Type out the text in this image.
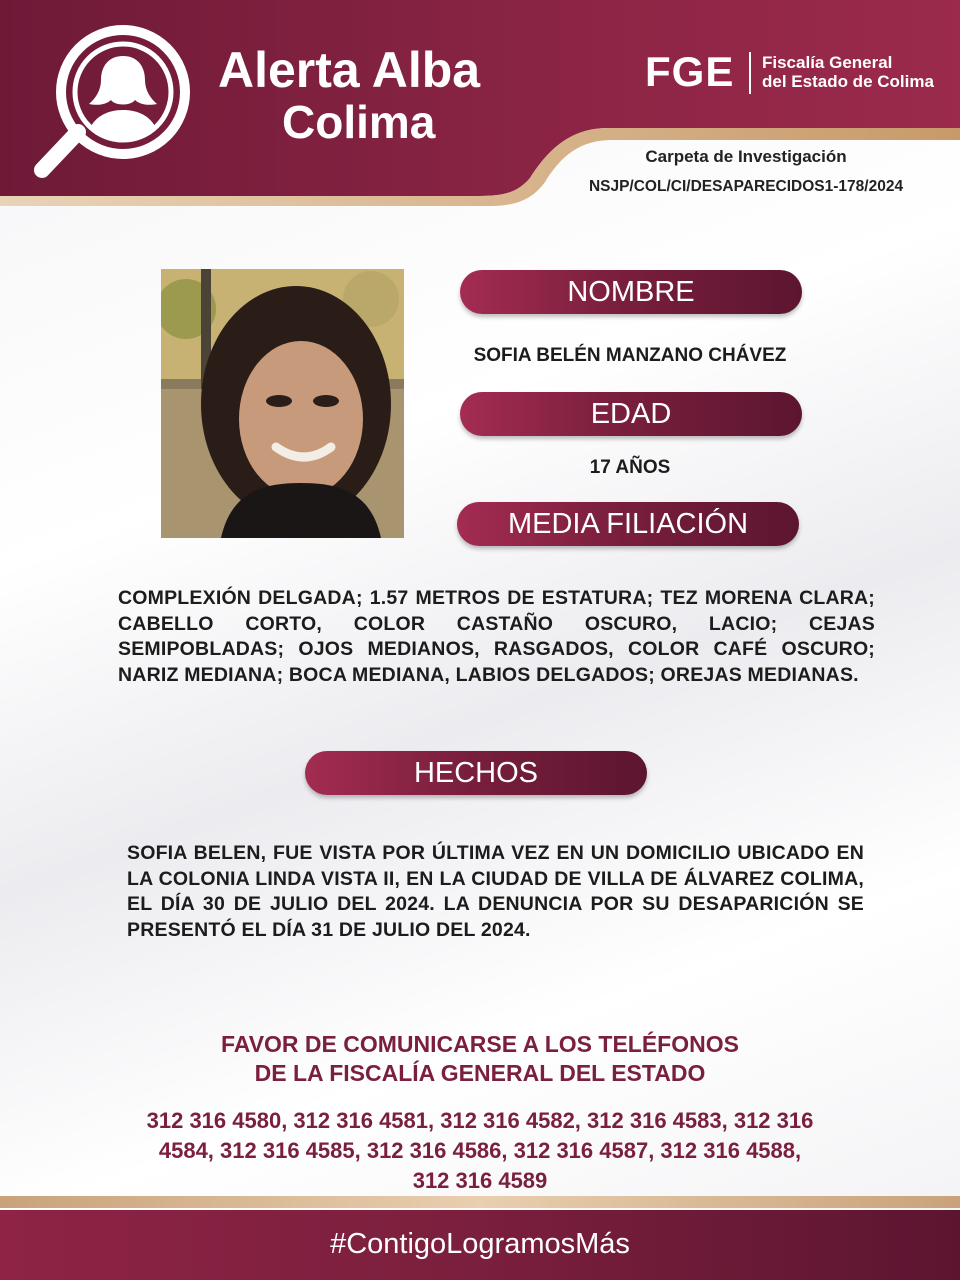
Alerta Alba
Colima
FGE Fiscalía General
del Estado de Colima
Carpeta de Investigación
NSJP/COL/CI/DESAPARECIDOS1-178/2024
NOMBRE
SOFIA BELÉN MANZANO CHÁVEZ
EDAD
17 AÑOS
MEDIA FILIACIÓN
COMPLEXIÓN DELGADA; 1.57 METROS DE ESTATURA; TEZ MORENA CLARA; CABELLO CORTO, COLOR CASTAÑO OSCURO, LACIO; CEJAS SEMIPOBLADAS; OJOS MEDIANOS, RASGADOS, COLOR CAFÉ OSCURO; NARIZ MEDIANA; BOCA MEDIANA, LABIOS DELGADOS; OREJAS MEDIANAS.
HECHOS
SOFIA BELEN, FUE VISTA POR ÚLTIMA VEZ EN UN DOMICILIO UBICADO EN LA COLONIA LINDA VISTA II, EN LA CIUDAD DE VILLA DE ÁLVAREZ COLIMA, EL DÍA 30 DE JULIO DEL 2024. LA DENUNCIA POR SU DESAPARICIÓN SE PRESENTÓ EL DÍA 31 DE JULIO DEL 2024.
FAVOR DE COMUNICARSE A LOS TELÉFONOS
DE LA FISCALÍA GENERAL DEL ESTADO
312 316 4580, 312 316 4581, 312 316 4582, 312 316 4583, 312 316
4584, 312 316 4585, 312 316 4586, 312 316 4587, 312 316 4588,
312 316 4589
#ContigoLogramosMás
